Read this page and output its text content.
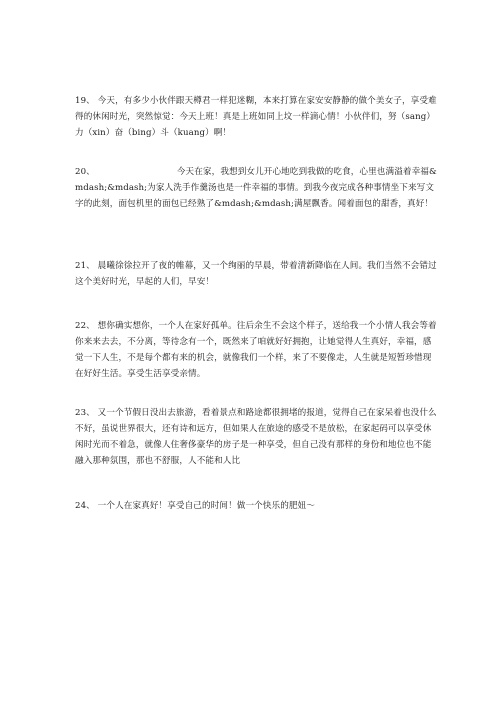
19、 今天，有多少小伙伴跟天樽君一样犯迷糊，本来打算在家安安静静的做个美女子，享受难得的休闲时光，突然惊觉：今天上班！真是上班如同上坟一样滴心情！小伙伴们，努（sang）力（xin）奋（bing）斗（kuang）啊！
20、	今天在家，我想到女儿开心地吃到我做的吃食，心里也满溢着幸福&mdash;&mdash;为家人洗手作羹汤也是一件幸福的事情。到我今夜完成各种事情坐下来写文字的此刻，面包机里的面包已经熟了&mdash;&mdash;满屋飘香。闻着面包的甜香，真好！
21、 晨曦徐徐拉开了夜的帷幕，又一个绚丽的早晨，带着清新降临在人间。我们当然不会错过这个美好时光，早起的人们，早安！
22、 想你确实想你，一个人在家好孤单。往后余生不会这个样子，送给我一个小情人我会等着你来来去去，不分离，等待念有一个，既然来了咱就好好拥抱，让她觉得人生真好，幸福，感觉一下人生，不是每个都有来的机会，就像我们一个样，来了不要像走，人生就是短暂珍惜现在好好生活。享受生活享受亲情。
23、 又一个节假日没出去旅游，看着景点和路途都很拥堵的报道，觉得自己在家呆着也没什么不好，虽说世界很大，还有诗和远方，但如果人在旅途的感受不是放松，在家起码可以享受休闲时光而不着急，就像人住奢侈豪华的房子是一种享受，但自己没有那样的身份和地位也不能融入那种氛围，那也不舒服，人不能和人比
24、 一个人在家真好！享受自己的时间！做一个快乐的肥妞～
